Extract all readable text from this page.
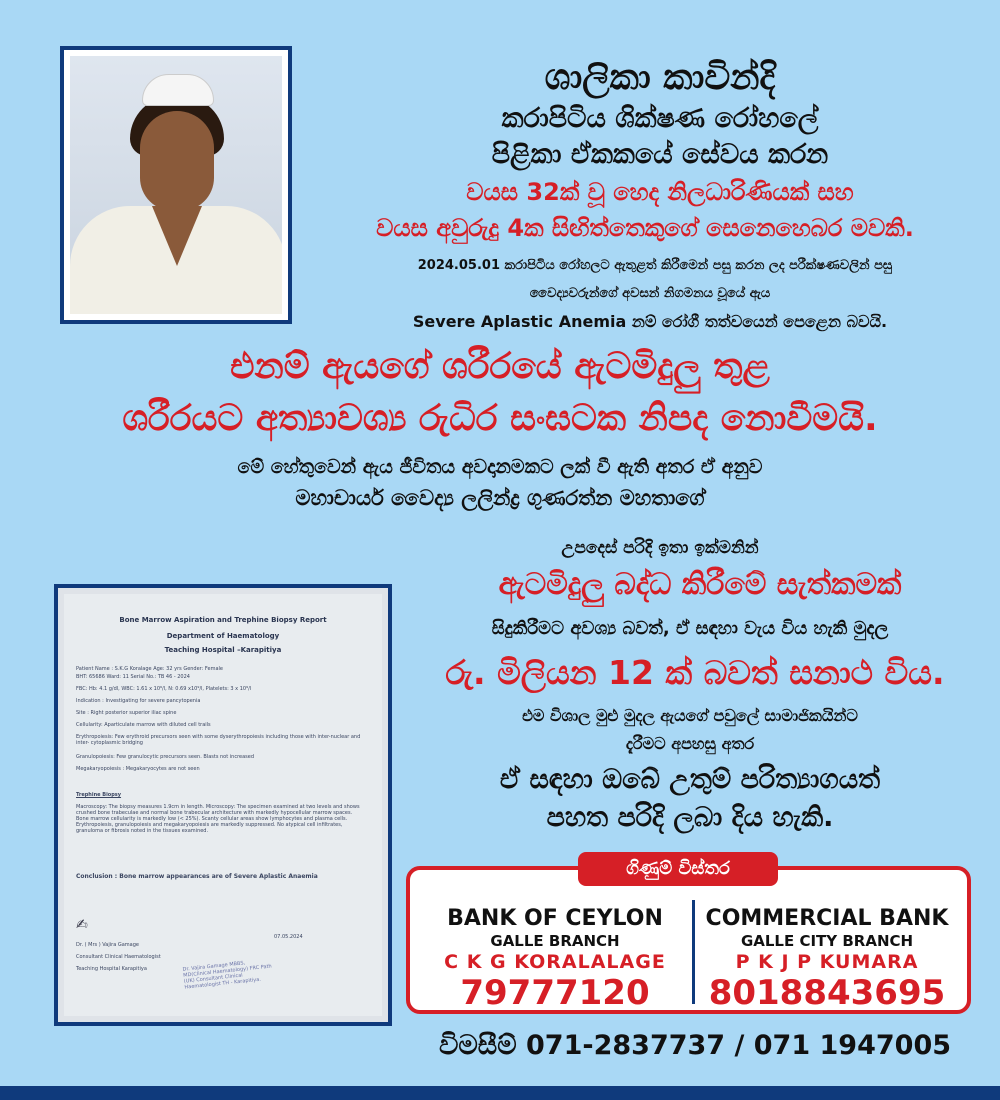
ශාලිකා කාවින්දි
කරාපිටිය ශික්ෂණ රෝහලේ
පිළිකා ඒකකයේ සේවය කරන
වයස 32ක් වූ හෙද නිලධාරිණියක් සහ
වයස අවුරුදු 4ක සිඟිත්තෙකුගේ සෙනෙහෙබර මවකි.
2024.05.01 කරාපිටිය රෝහලට ඇතුළත් කිරීමෙන් පසු කරන ලද පරීක්ෂණවලින් පසු
වෛද්‍යවරුන්ගේ අවසන් නිගමනය වූයේ ඇය
Severe Aplastic Anemia නම් රෝගී තත්වයෙන් පෙළෙන බවයි.
එනම් ඇයගේ ශරීරයේ ඇටමිදුලු තුළ
ශරීරයට අත්‍යාවශ්‍ය රුධිර සංඝටක නිපද නොවීමයි.
මේ හේතුවෙන් ඇය ජීවිතය අවදානමකට ලක් වී ඇති අතර ඒ අනුව
මහාචාර්ය වෛද්‍ය ලලින්ද්‍ර ගුණරත්න මහතාගේ
උපදෙස් පරිදි ඉතා ඉක්මනින්
ඇටමිදුලු බද්ධ කිරීමේ සැත්කමක්
සිදුකිරීමට අවශ්‍ය බවත්, ඒ සඳහා වැය විය හැකි මුදල
රු. මිලියන 12 ක් බවත් සනාථ විය.
එම විශාල මුළු මුදල ඇයගේ පවුලේ සාමාජිකයින්ට
දැරීමට අපහසු අතර
ඒ සඳහා ඔබේ උතුම් පරිත්‍යාගයත්
පහත පරිදි ලබා දිය හැකි.
Bone Marrow Aspiration and Trephine Biopsy Report
Department of Haematology
Teaching Hospital –Karapitiya
Patient Name : S.K.G Koralage Age: 32 yrs Gender: Female
BHT: 65686 Ward: 11 Serial No.: TB 46 - 2024
FBC: Hb: 4.1 g/dl, WBC: 1.61 x 10⁹/l, N: 0.69 x10⁹/l, Platelets: 3 x 10⁹/l
Indication : Investigating for severe pancytopenia
Site : Right posterior superior iliac spine
Cellularity: Aparticulate marrow with diluted cell trails
Erythropoiesis: Few erythroid precursors seen with some dyserythropoiesis including those with inter-nuclear and inter- cytoplasmic bridging
Granulopoiesis: Few granulocytic precursors seen. Blasts not increased
Megakaryopoiesis : Megakaryocytes are not seen
Trephine Biopsy
Macroscopy: The biopsy measures 1.9cm in length. Microscopy: The specimen examined at two levels and shows crushed bone trabeculae and normal bone trabecular architecture with markedly hypocellular marrow spaces. Bone marrow cellularity is markedly low (< 25%). Scanty cellular areas show lymphocytes and plasma cells. Erythropoiesis, granulopoiesis and megakaryopoiesis are markedly suppressed. No atypical cell infiltrates, granuloma or fibrosis noted in the tissues examined.
Conclusion : Bone marrow appearances are of Severe Aplastic Anaemia
07.05.2024
✍
Dr. ( Mrs ) Vajira Gamage
Consultant Clinical Haematologist
Teaching Hospital Karapitiya	Dr. Vajira Gamage MBBS, MD(Clinical Haematology) FRC Path (UK) Consultant Clinical Haematologist TH - Karapitiya.
BANK OF CEYLON
GALLE BRANCH
C K G KORALALAGE
79777120
COMMERCIAL BANK
GALLE CITY BRANCH
P K J P KUMARA
8018843695
ගිණුම් විස්තර
විමසීම් 071-2837737 / 071 1947005
